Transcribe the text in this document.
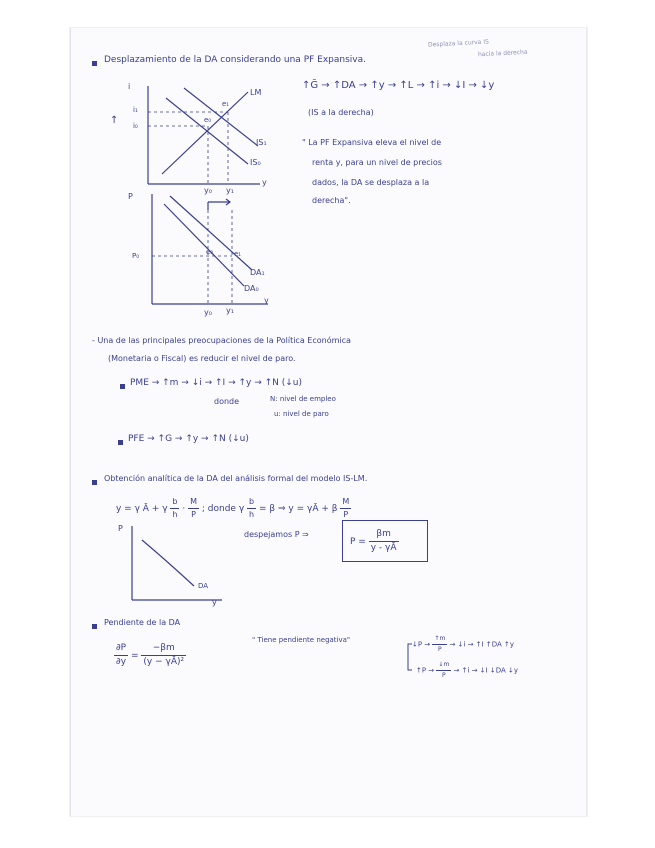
Desplaza la curva IS
hacia la derecha
Desplazamiento de la DA considerando una PF Expansiva.
i
↑
i₁
i₀
LM
IS₁
IS₀
e₀
e₁
y
y₀ y₁
P
P₀	e₀	e₁
DA₁
DA₀
y
y₀ y₁
↑Ḡ → ↑DA → ↑y → ↑L → ↑i → ↓I → ↓y
(IS a la derecha)
" La PF Expansiva eleva el nivel de
renta y, para un nivel de precios
dados, la DA se desplaza a la
derecha".
- Una de las principales preocupaciones de la Política Económica
(Monetaria o Fiscal) es reducir el nivel de paro.
PME → ↑m → ↓i → ↑I → ↑y → ↑N (↓u)
donde	N: nivel de empleo
u: nivel de paro
PFE → ↑G → ↑y → ↑N (↓u)
Obtención analítica de la DA del análisis formal del modelo IS-LM.
y = γ Ā + γ $\frac{b}{h} \cdot \frac{M}{P}$ ; donde γ $\frac{b}{h} = \beta$ ⇒ y = γĀ + β $\frac{M}{P}$
P
DA
y
despejamos P ⇒
$P = \frac{\beta m}{y - \gamma Ā}$
Pendiente de la DA
$\frac{\partial P}{\partial y} = \frac{-\beta m}{\text{(y − γĀ)²}}$
" Tiene pendiente negativa"
↓P → $\frac{↑m}{P}$ → ↓i → ↑I ↑DA ↑y
↑P → $\frac{↓m}{P}$ → ↑i → ↓I ↓DA ↓y
